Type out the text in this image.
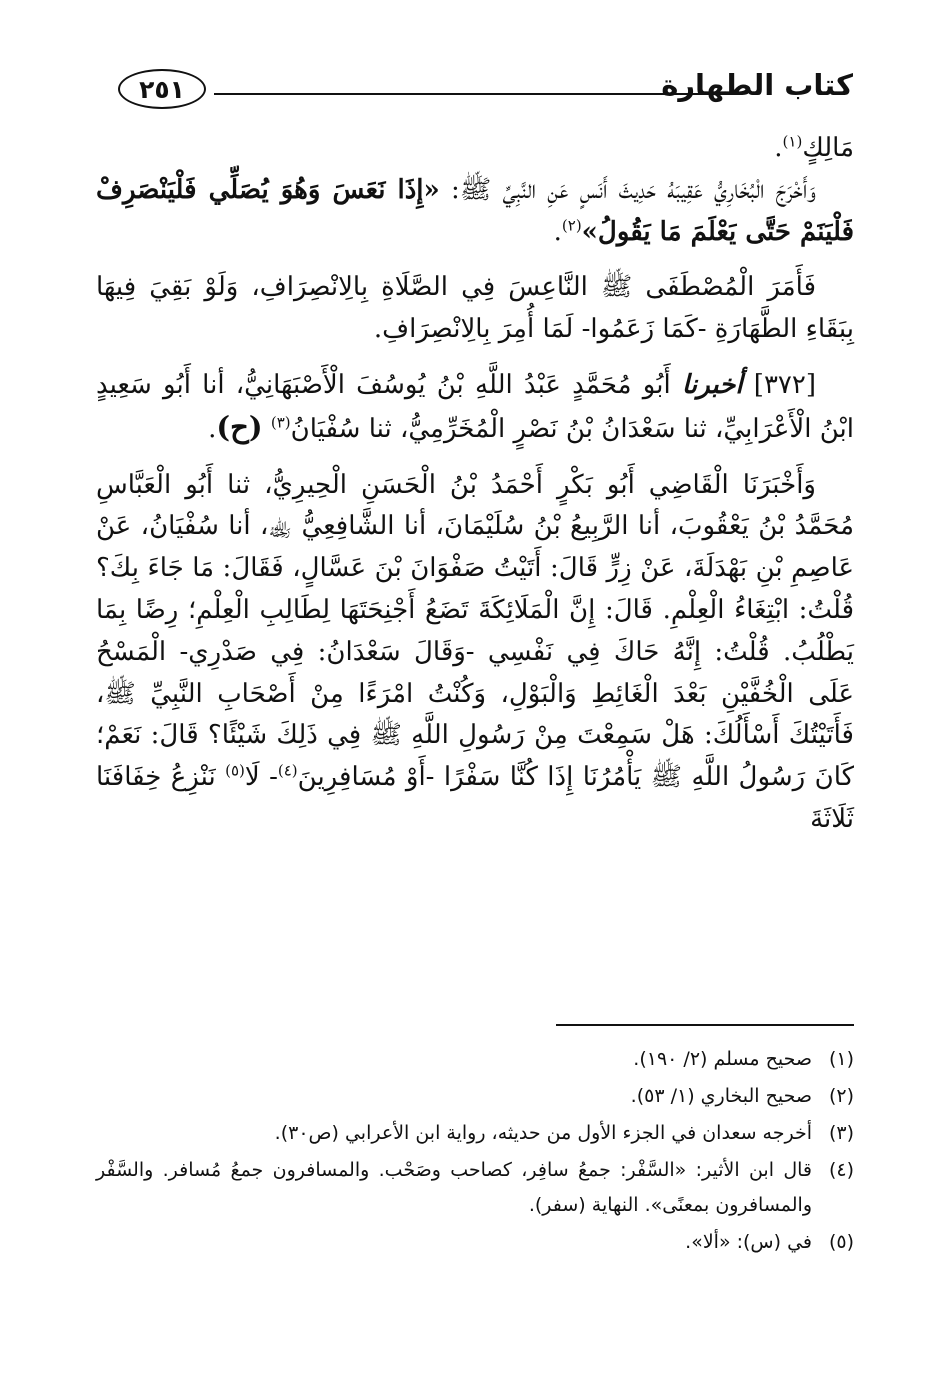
كتاب الطهارة
٢٥١

مَالِكٍ$^{(١)}$.

وَأَخْرَجَ الْبُخَارِيُّ عَقِيبَهُ حَدِيثَ أَنَسٍ عَنِ النَّبِيِّ ﷺ: «إِذَا نَعَسَ وَهُوَ يُصَلِّي فَلْيَنْصَرِفْ فَلْيَنَمْ حَتَّى يَعْلَمَ مَا يَقُولُ»$^{(٢)}$.

فَأَمَرَ الْمُصْطَفَى ﷺ النَّاعِسَ فِي الصَّلَاةِ بِالِانْصِرَافِ، وَلَوْ بَقِيَ فِيهَا بِبَقَاءِ الطَّهَارَةِ -كَمَا زَعَمُوا- لَمَا أُمِرَ بِالِانْصِرَافِ.

[٣٧٢] أخبرنا أَبُو مُحَمَّدٍ عَبْدُ اللَّهِ بْنُ يُوسُفَ الْأَصْبَهَانِيُّ، أنا أَبُو سَعِيدٍ ابْنُ الْأَعْرَابِيِّ، ثنا سَعْدَانُ بْنُ نَصْرٍ الْمُخَرِّمِيُّ، ثنا سُفْيَانُ$^{(٣)}$ (ح).

وَأَخْبَرَنَا الْقَاضِي أَبُو بَكْرٍ أَحْمَدُ بْنُ الْحَسَنِ الْحِيرِيُّ، ثنا أَبُو الْعَبَّاسِ مُحَمَّدُ بْنُ يَعْقُوبَ، أنا الرَّبِيعُ بْنُ سُلَيْمَانَ، أنا الشَّافِعِيُّ ﵀، أنا سُفْيَانُ، عَنْ عَاصِمِ بْنِ بَهْدَلَةَ، عَنْ زِرٍّ قَالَ: أَتَيْتُ صَفْوَانَ بْنَ عَسَّالٍ، فَقَالَ: مَا جَاءَ بِكَ؟ قُلْتُ: ابْتِغَاءُ الْعِلْمِ. قَالَ: إِنَّ الْمَلَائِكَةَ تَضَعُ أَجْنِحَتَهَا لِطَالِبِ الْعِلْمِ؛ رِضًا بِمَا يَطْلُبُ. قُلْتُ: إِنَّهُ حَاكَ فِي نَفْسِي -وَقَالَ سَعْدَانُ: فِي صَدْرِي- الْمَسْحُ عَلَى الْخُفَّيْنِ بَعْدَ الْغَائِطِ وَالْبَوْلِ، وَكُنْتُ امْرَءًا مِنْ أَصْحَابِ النَّبِيِّ ﷺ، فَأَتَيْتُكَ أَسْأَلُكَ: هَلْ سَمِعْتَ مِنْ رَسُولِ اللَّهِ ﷺ فِي ذَلِكَ شَيْئًا؟ قَالَ: نَعَمْ؛ كَانَ رَسُولُ اللَّهِ ﷺ يَأْمُرُنَا إِذَا كُنَّا سَفْرًا -أَوْ مُسَافِرِينَ$^{(٤)}$- لَا$^{(٥)}$ نَنْزِعُ خِفَافَنَا ثَلَاثَةَ

(١)
صحيح مسلم (٢/ ١٩٠).
(٢)
صحيح البخاري (١/ ٥٣).
(٣)
أخرجه سعدان في الجزء الأول من حديثه، رواية ابن الأعرابي (ص٣٠).
(٤)
قال ابن الأثير: «السَّفْر: جمعُ سافِر، كصاحب وصَحْب. والمسافرون جمعُ مُسافر. والسَّفْر والمسافرون بمعنًى». النهاية (سفر).
(٥)
في (س): «ألا».
